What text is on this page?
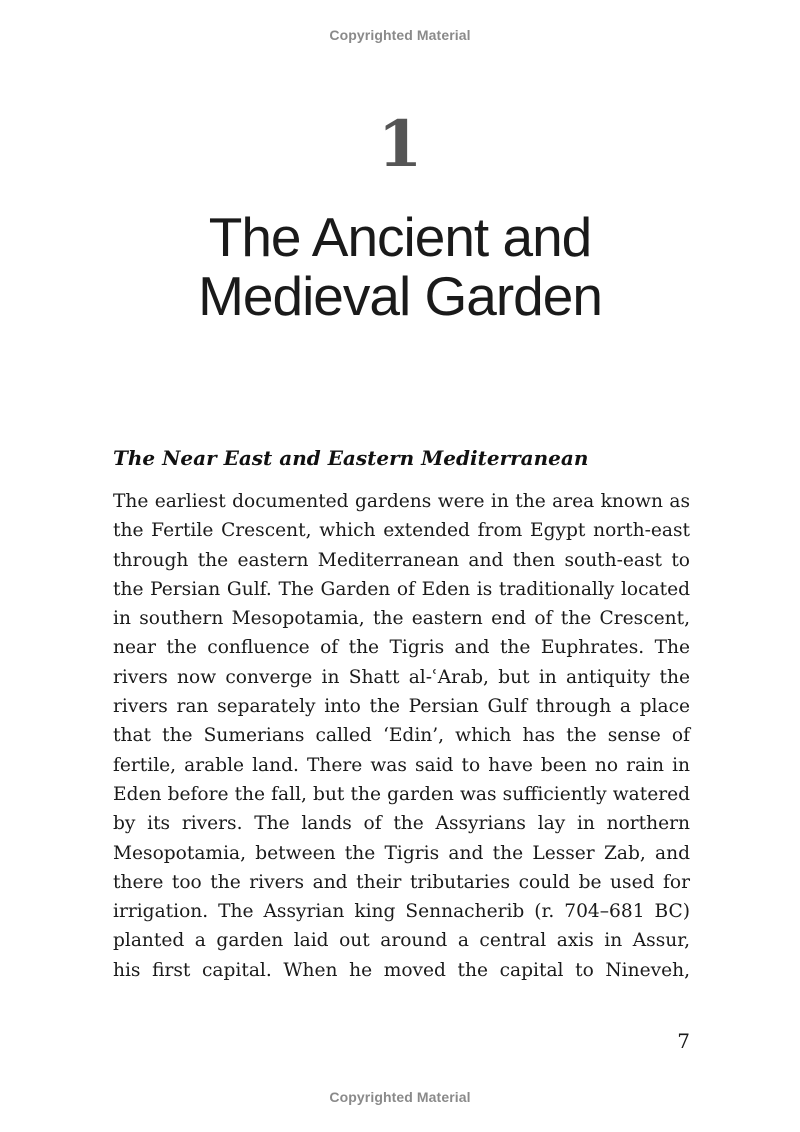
Copyrighted Material
1
The Ancient and
Medieval Garden
The Near East and Eastern Mediterranean
The earliest documented gardens were in the area known as
the Fertile Crescent, which extended from Egypt north-east
through the eastern Mediterranean and then south-east to
the Persian Gulf. The Garden of Eden is traditionally located
in southern Mesopotamia, the eastern end of the Crescent,
near the confluence of the Tigris and the Euphrates. The
rivers now converge in Shatt al-ʿArab, but in antiquity the
rivers ran separately into the Persian Gulf through a place
that the Sumerians called ‘Edin’, which has the sense of
fertile, arable land. There was said to have been no rain in
Eden before the fall, but the garden was sufficiently watered
by its rivers. The lands of the Assyrians lay in northern
Mesopotamia, between the Tigris and the Lesser Zab, and
there too the rivers and their tributaries could be used for
irrigation. The Assyrian king Sennacherib (r. 704–681 BC)
planted a garden laid out around a central axis in Assur,
his first capital. When he moved the capital to Nineveh,
7
Copyrighted Material
